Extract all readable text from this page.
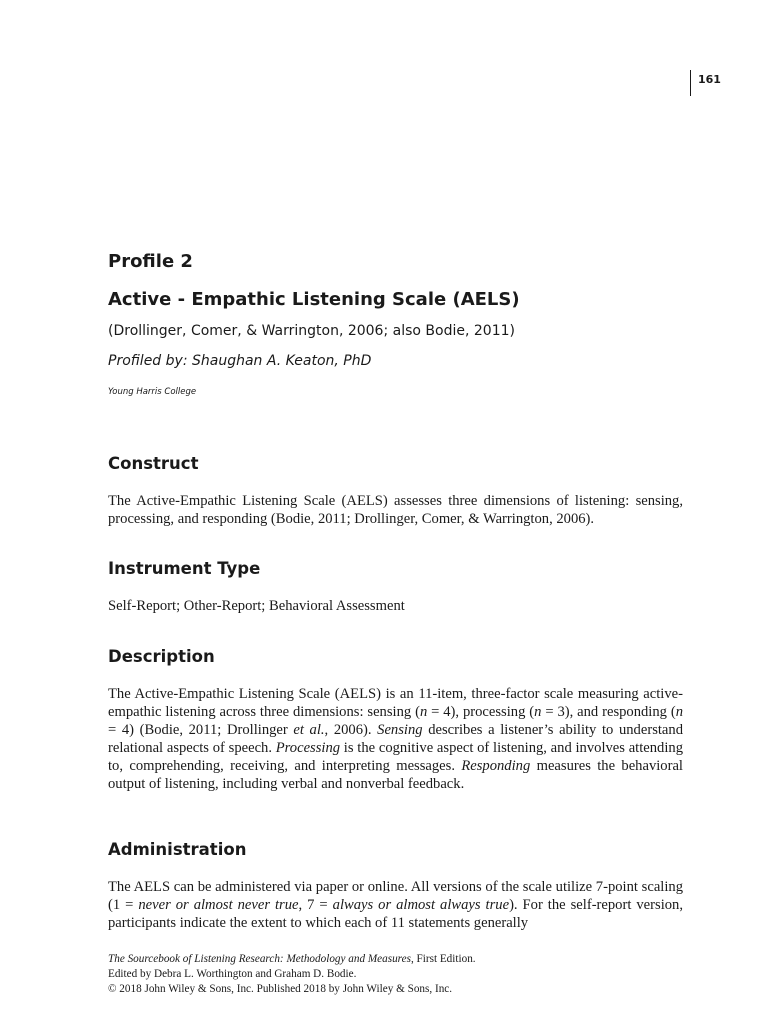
161
Profile 2
Active - Empathic Listening Scale (AELS)
(Drollinger, Comer, & Warrington, 2006; also Bodie, 2011)
Profiled by: Shaughan A. Keaton, PhD
Young Harris College
Construct

The Active-Empathic Listening Scale (AELS) assesses three dimensions of listening: sensing, processing, and responding (Bodie, 2011; Drollinger, Comer, & Warrington, 2006).

Instrument Type

Self-Report; Other-Report; Behavioral Assessment

Description

The Active-Empathic Listening Scale (AELS) is an 11-item, three-factor scale measuring active-empathic listening across three dimensions: sensing (n = 4), processing (n = 3), and responding (n = 4) (Bodie, 2011; Drollinger et al., 2006). Sensing describes a listener’s ability to understand relational aspects of speech. Processing is the cognitive aspect of listening, and involves attending to, comprehending, receiving, and interpreting messages. Responding measures the behavioral output of listening, including verbal and nonverbal feedback.

Administration

The AELS can be administered via paper or online. All versions of the scale utilize 7-point scaling (1 = never or almost never true, 7 = always or almost always true). For the self-report version, participants indicate the extent to which each of 11 statements generally

The Sourcebook of Listening Research: Methodology and Measures, First Edition.
Edited by Debra L. Worthington and Graham D. Bodie.
© 2018 John Wiley & Sons, Inc. Published 2018 by John Wiley & Sons, Inc.
